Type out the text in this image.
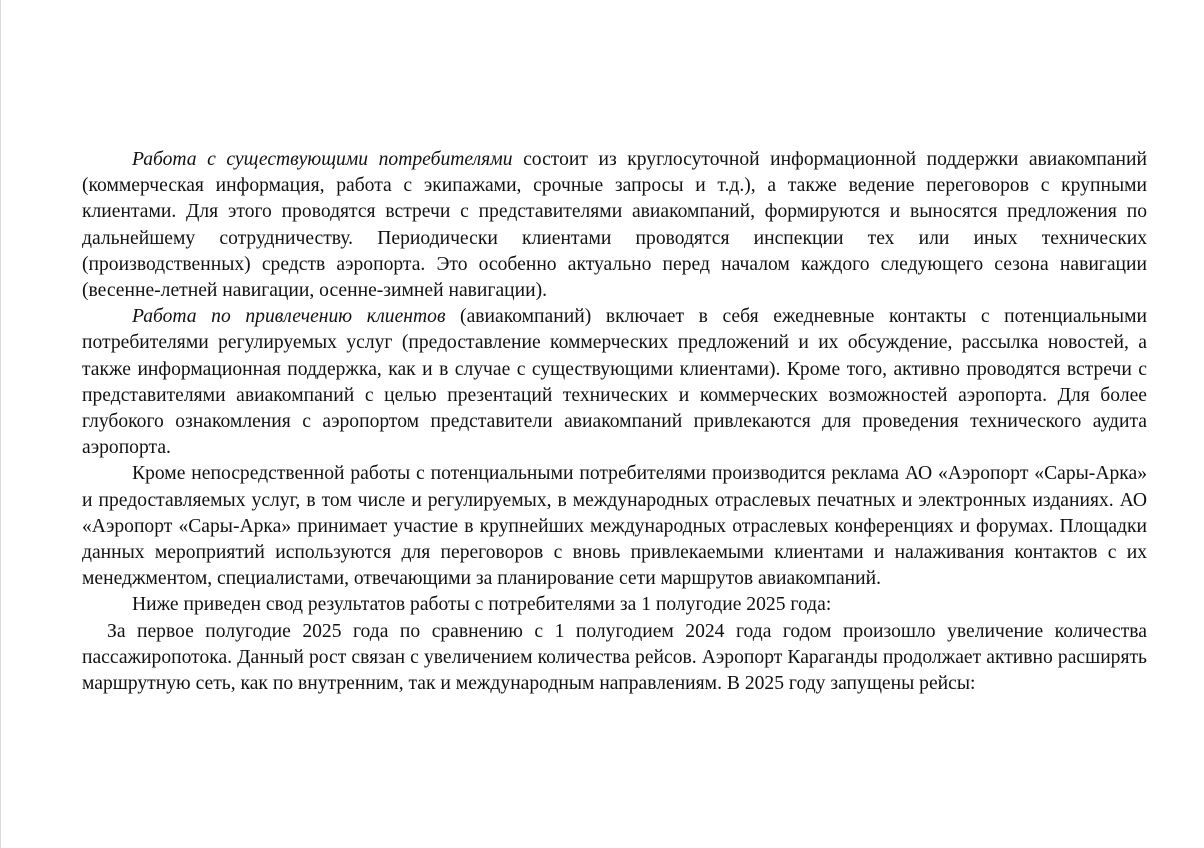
Работа с существующими потребителями состоит из круглосуточной информационной поддержки авиакомпаний (коммерческая информация, работа с экипажами, срочные запросы и т.д.), а также ведение переговоров с крупными клиентами. Для этого проводятся встречи с представителями авиакомпаний, формируются и выносятся предложения по дальнейшему сотрудничеству. Периодически клиентами проводятся инспекции тех или иных технических (производственных) средств аэропорта. Это особенно актуально перед началом каждого следующего сезона навигации (весенне-летней навигации, осенне-зимней навигации).

Работа по привлечению клиентов (авиакомпаний) включает в себя ежедневные контакты с потенциальными потребителями регулируемых услуг (предоставление коммерческих предложений и их обсуждение, рассылка новостей, а также информационная поддержка, как и в случае с существующими клиентами). Кроме того, активно проводятся встречи с представителями авиакомпаний с целью презентаций технических и коммерческих возможностей аэропорта. Для более глубокого ознакомления с аэропортом представители авиакомпаний привлекаются для проведения технического аудита аэропорта.

Кроме непосредственной работы с потенциальными потребителями производится реклама АО «Аэропорт «Сары-Арка» и предоставляемых услуг, в том числе и регулируемых, в международных отраслевых печатных и электронных изданиях. АО «Аэропорт «Сары-Арка» принимает участие в крупнейших международных отраслевых конференциях и форумах. Площадки данных мероприятий используются для переговоров с вновь привлекаемыми клиентами и налаживания контактов с их менеджментом, специалистами, отвечающими за планирование сети маршрутов авиакомпаний.

Ниже приведен свод результатов работы с потребителями за 1 полугодие 2025 года:

За первое полугодие 2025 года по сравнению с 1 полугодием 2024 года годом произошло увеличение количества пассажиропотока. Данный рост связан с увеличением количества рейсов. Аэропорт Караганды продолжает активно расширять маршрутную сеть, как по внутренним, так и международным направлениям. В 2025 году запущены рейсы:
